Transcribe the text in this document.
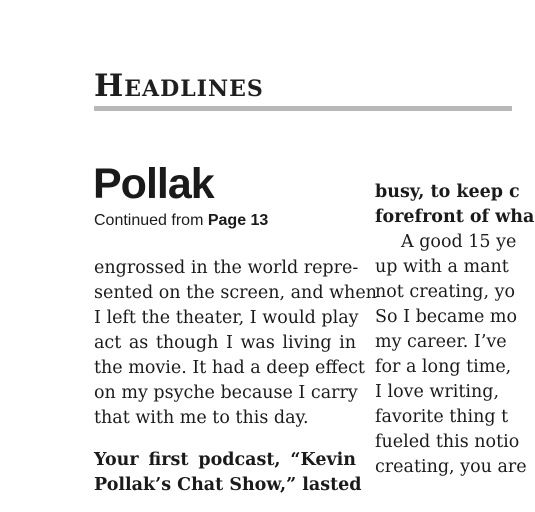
Headlines
Pollak
Continued from Page 13
engrossed in the world repre-
sented on the screen, and when
I left the theater, I would play
act as though I was living in
the movie. It had a deep effect
on my psyche because I carry
that with me to this day.
Your first podcast, “Kevin
Pollak’s Chat Show,” lasted
busy, to keep c
forefront of wha
A good 15 ye
up with a mant
not creating, yo
So I became mo
my career. I’ve
for a long time,
I love writing,
favorite thing t
fueled this notio
creating, you are
